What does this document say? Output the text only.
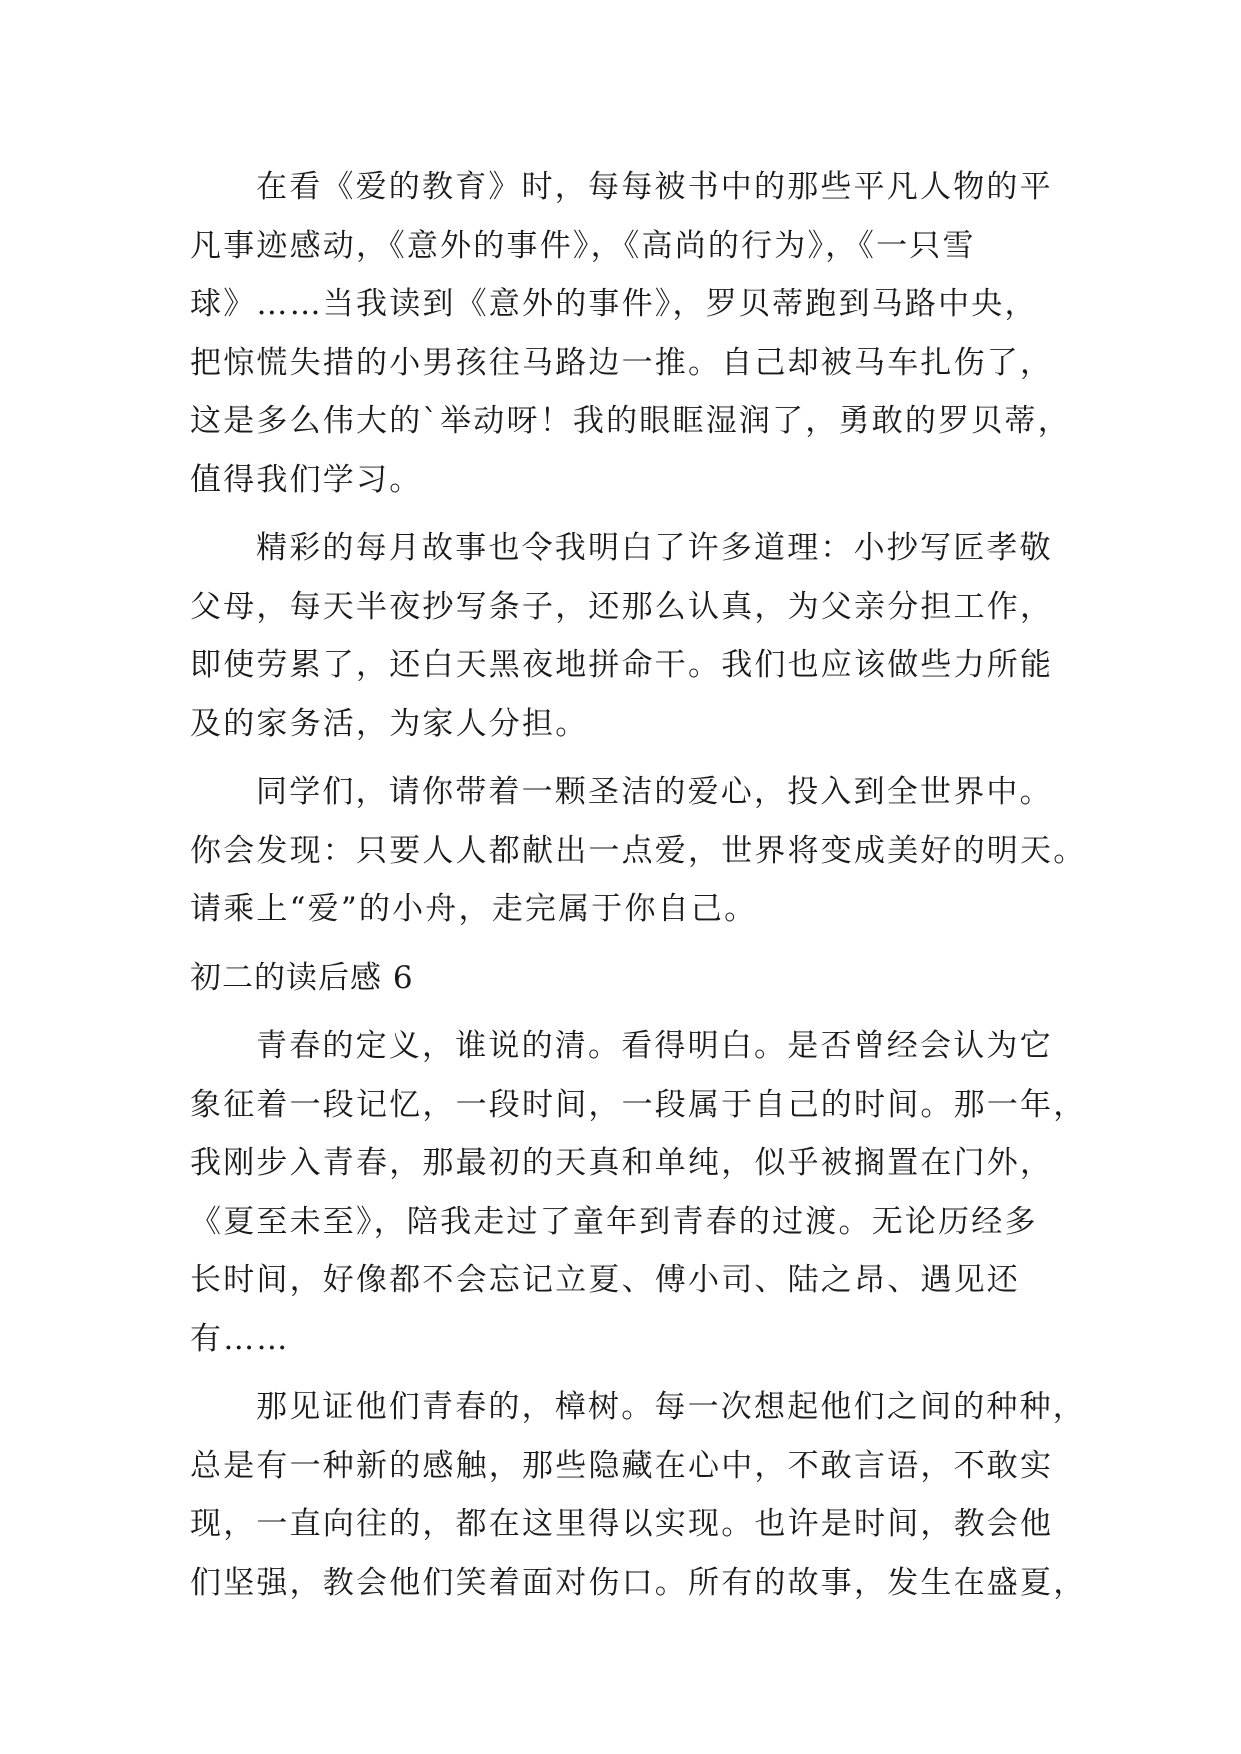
在看《爱的教育》时，每每被书中的那些平凡人物的平
凡事迹感动，《意外的事件》，《高尚的行为》，《一只雪
球》……当我读到《意外的事件》，罗贝蒂跑到马路中央，
把惊慌失措的小男孩往马路边一推。自己却被马车扎伤了，
这是多么伟大的`举动呀！我的眼眶湿润了，勇敢的罗贝蒂，
值得我们学习。
精彩的每月故事也令我明白了许多道理：小抄写匠孝敬
父母，每天半夜抄写条子，还那么认真，为父亲分担工作，
即使劳累了，还白天黑夜地拼命干。我们也应该做些力所能
及的家务活，为家人分担。
同学们，请你带着一颗圣洁的爱心，投入到全世界中。
你会发现：只要人人都献出一点爱，世界将变成美好的明天。
请乘上“爱”的小舟，走完属于你自己。
初二的读后感 6
青春的定义，谁说的清。看得明白。是否曾经会认为它
象征着一段记忆，一段时间，一段属于自己的时间。那一年，
我刚步入青春，那最初的天真和单纯，似乎被搁置在门外，
《夏至未至》，陪我走过了童年到青春的过渡。无论历经多
长时间，好像都不会忘记立夏、傅小司、陆之昂、遇见还
有……
那见证他们青春的，樟树。每一次想起他们之间的种种，
总是有一种新的感触，那些隐藏在心中，不敢言语，不敢实
现，一直向往的，都在这里得以实现。也许是时间，教会他
们坚强，教会他们笑着面对伤口。所有的故事，发生在盛夏，
